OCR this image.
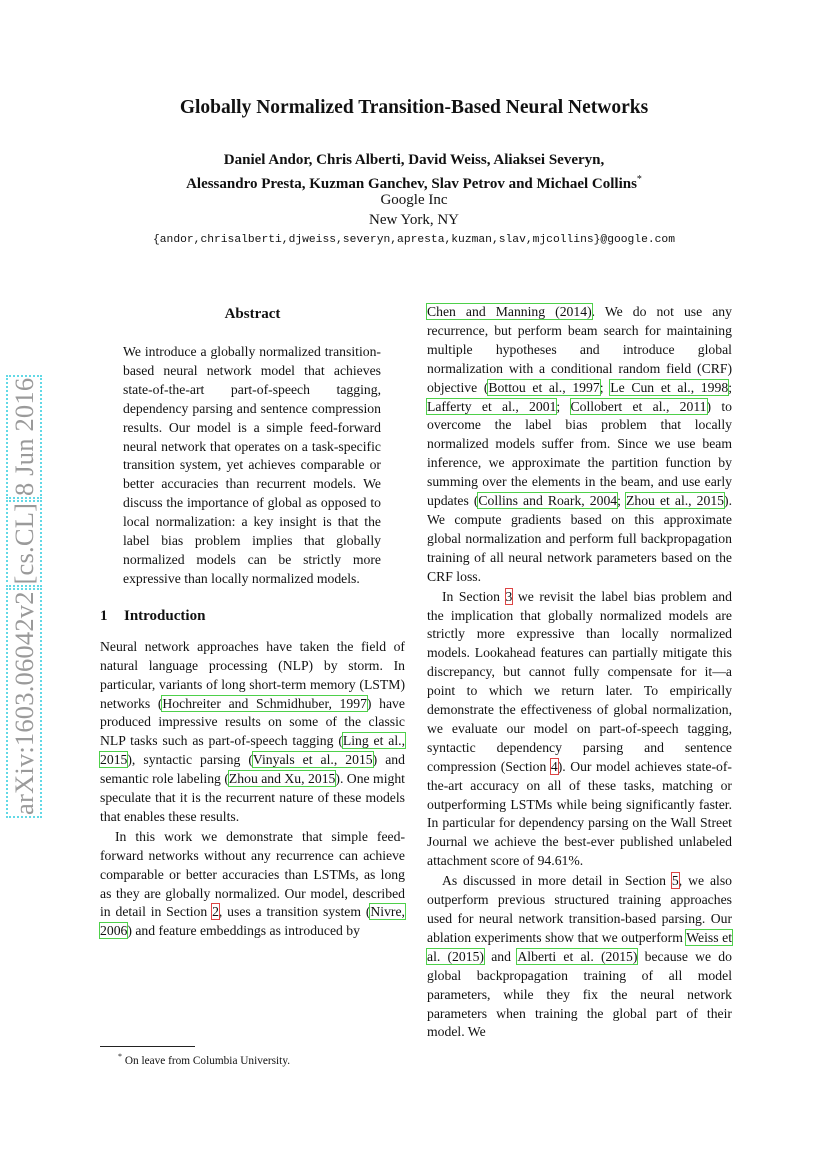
arXiv:1603.06042v2 [cs.CL] 8 Jun 2016
Globally Normalized Transition-Based Neural Networks
Daniel Andor, Chris Alberti, David Weiss, Aliaksei Severyn,
Alessandro Presta, Kuzman Ganchev, Slav Petrov and Michael Collins*
Google Inc
New York, NY
{andor,chrisalberti,djweiss,severyn,apresta,kuzman,slav,mjcollins}@google.com
Abstract
We introduce a globally normalized transition-based neural network model that achieves state-of-the-art part-of-speech tagging, dependency parsing and sentence compression results. Our model is a simple feed-forward neural network that operates on a task-specific transition system, yet achieves comparable or better accuracies than recurrent models. We discuss the importance of global as opposed to local normalization: a key insight is that the label bias problem implies that globally normalized models can be strictly more expressive than locally normalized models.
1 Introduction

Neural network approaches have taken the field of natural language processing (NLP) by storm. In particular, variants of long short-term memory (LSTM) networks (Hochreiter and Schmidhuber, 1997) have produced impressive results on some of the classic NLP tasks such as part-of-speech tagging (Ling et al., 2015), syntactic parsing (Vinyals et al., 2015) and semantic role labeling (Zhou and Xu, 2015). One might speculate that it is the recurrent nature of these models that enables these results.

In this work we demonstrate that simple feed-forward networks without any recurrence can achieve comparable or better accuracies than LSTMs, as long as they are globally normalized. Our model, described in detail in Section 2, uses a transition system (Nivre, 2006) and feature embeddings as introduced by

Chen and Manning (2014). We do not use any recurrence, but perform beam search for maintaining multiple hypotheses and introduce global normalization with a conditional random field (CRF) objective (Bottou et al., 1997; Le Cun et al., 1998; Lafferty et al., 2001; Collobert et al., 2011) to overcome the label bias problem that locally normalized models suffer from. Since we use beam inference, we approximate the partition function by summing over the elements in the beam, and use early updates (Collins and Roark, 2004; Zhou et al., 2015). We compute gradients based on this approximate global normalization and perform full backpropagation training of all neural network parameters based on the CRF loss.

In Section 3 we revisit the label bias problem and the implication that globally normalized models are strictly more expressive than locally normalized models. Lookahead features can partially mitigate this discrepancy, but cannot fully compensate for it—a point to which we return later. To empirically demonstrate the effectiveness of global normalization, we evaluate our model on part-of-speech tagging, syntactic dependency parsing and sentence compression (Section 4). Our model achieves state-of-the-art accuracy on all of these tasks, matching or outperforming LSTMs while being significantly faster. In particular for dependency parsing on the Wall Street Journal we achieve the best-ever published unlabeled attachment score of 94.61%.

As discussed in more detail in Section 5, we also outperform previous structured training approaches used for neural network transition-based parsing. Our ablation experiments show that we outperform Weiss et al. (2015) and Alberti et al. (2015) because we do global backpropagation training of all model parameters, while they fix the neural network parameters when training the global part of their model. We

* On leave from Columbia University.
